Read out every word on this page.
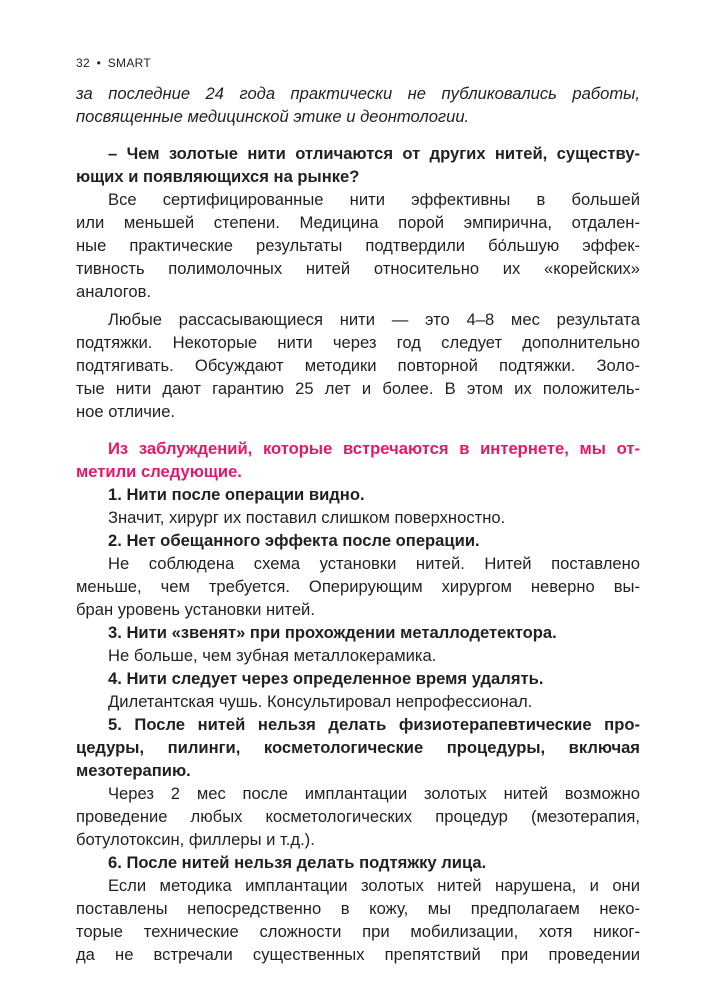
32 • SMART
за последние 24 года практически не публиковались работы,
посвященные медицинской этике и деонтологии.
– Чем золотые нити отличаются от других нитей, существу-
ющих и появляющихся на рынке?
Все сертифицированные нити эффективны в большей
или меньшей степени. Медицина порой эмпирична, отдален-
ные практические результаты подтвердили бо́льшую эффек-
тивность полимолочных нитей относительно их «корейских»
аналогов.
Любые рассасывающиеся нити — это 4–8 мес результата
подтяжки. Некоторые нити через год следует дополнительно
подтягивать. Обсуждают методики повторной подтяжки. Золо-
тые нити дают гарантию 25 лет и более. В этом их положитель-
ное отличие.
Из заблуждений, которые встречаются в интернете, мы от-
метили следующие.
1. Нити после операции видно.
Значит, хирург их поставил слишком поверхностно.
2. Нет обещанного эффекта после операции.
Не соблюдена схема установки нитей. Нитей поставлено
меньше, чем требуется. Оперирующим хирургом неверно вы-
бран уровень установки нитей.
3. Нити «звенят» при прохождении металлодетектора.
Не больше, чем зубная металлокерамика.
4. Нити следует через определенное время удалять.
Дилетантская чушь. Консультировал непрофессионал.
5. После нитей нельзя делать физиотерапевтические про-
цедуры, пилинги, косметологические процедуры, включая
мезотерапию.
Через 2 мес после имплантации золотых нитей возможно
проведение любых косметологических процедур (мезотерапия,
ботулотоксин, филлеры и т.д.).
6. После нитей нельзя делать подтяжку лица.
Если методика имплантации золотых нитей нарушена, и они
поставлены непосредственно в кожу, мы предполагаем неко-
торые технические сложности при мобилизации, хотя никог-
да не встречали существенных препятствий при проведении
